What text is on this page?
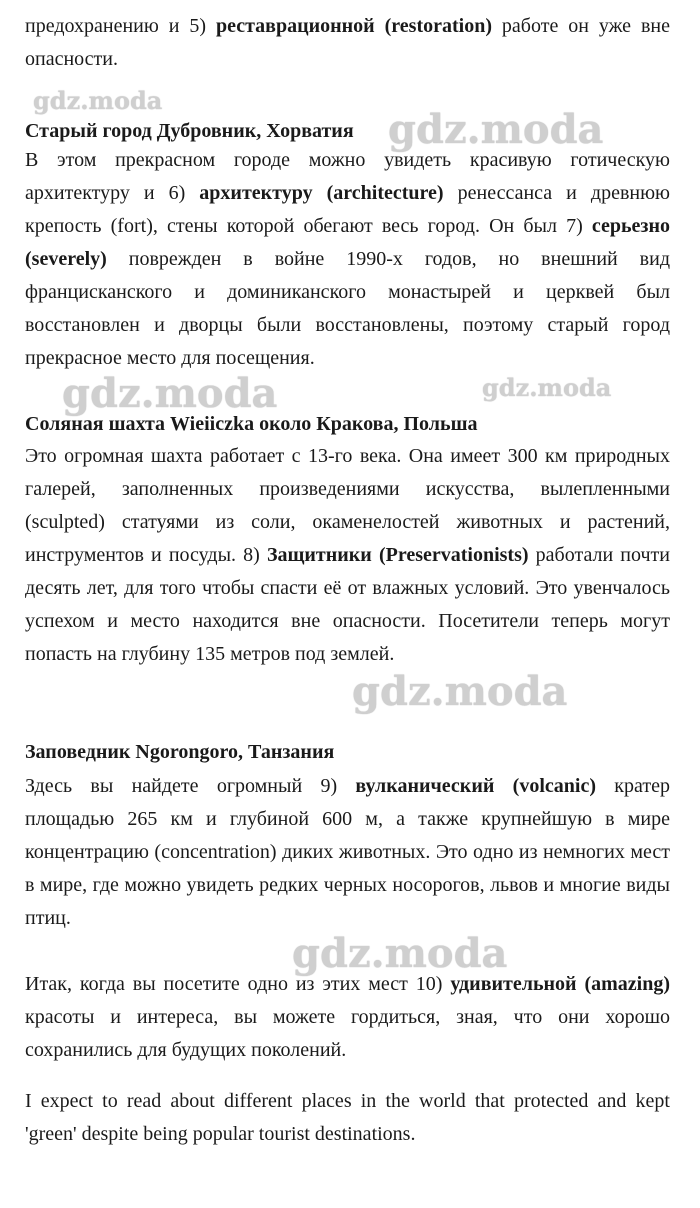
предохранению и 5) реставрационной (restoration) работе он уже вне опасности.

Старый город Дубровник, Хорватия

В этом прекрасном городе можно увидеть красивую готическую архитектуру и 6) архитектуру (architecture) ренессанса и древнюю крепость (fort), стены которой обегают весь город. Он был 7) серьезно (severely) поврежден в войне 1990-х годов, но внешний вид францисканского и доминиканского монастырей и церквей был восстановлен и дворцы были восстановлены, поэтому старый город прекрасное место для посещения.

Соляная шахта Wieiiczka около Кракова, Польша

Это огромная шахта работает с 13-го века. Она имеет 300 км природных галерей, заполненных произведениями искусства, вылепленными (sculpted) статуями из соли, окаменелостей животных и растений, инструментов и посуды. 8) Защитники (Preservationists) работали почти десять лет, для того чтобы спасти её от влажных условий. Это увенчалось успехом и место находится вне опасности. Посетители теперь могут попасть на глубину 135 метров под землей.

Заповедник Ngorongoro, Танзания

Здесь вы найдете огромный 9) вулканический (volcanic) кратер площадью 265 км и глубиной 600 м, а также крупнейшую в мире концентрацию (concentration) диких животных. Это одно из немногих мест в мире, где можно увидеть редких черных носорогов, львов и многие виды птиц.

Итак, когда вы посетите одно из этих мест 10) удивительной (amazing) красоты и интереса, вы можете гордиться, зная, что они хорошо сохранились для будущих поколений.

I expect to read about different places in the world that protected and kept 'green' despite being popular tourist destinations.

gdz.moda
gdz.moda
gdz.moda	gdz.moda
gdz.moda
gdz.moda
